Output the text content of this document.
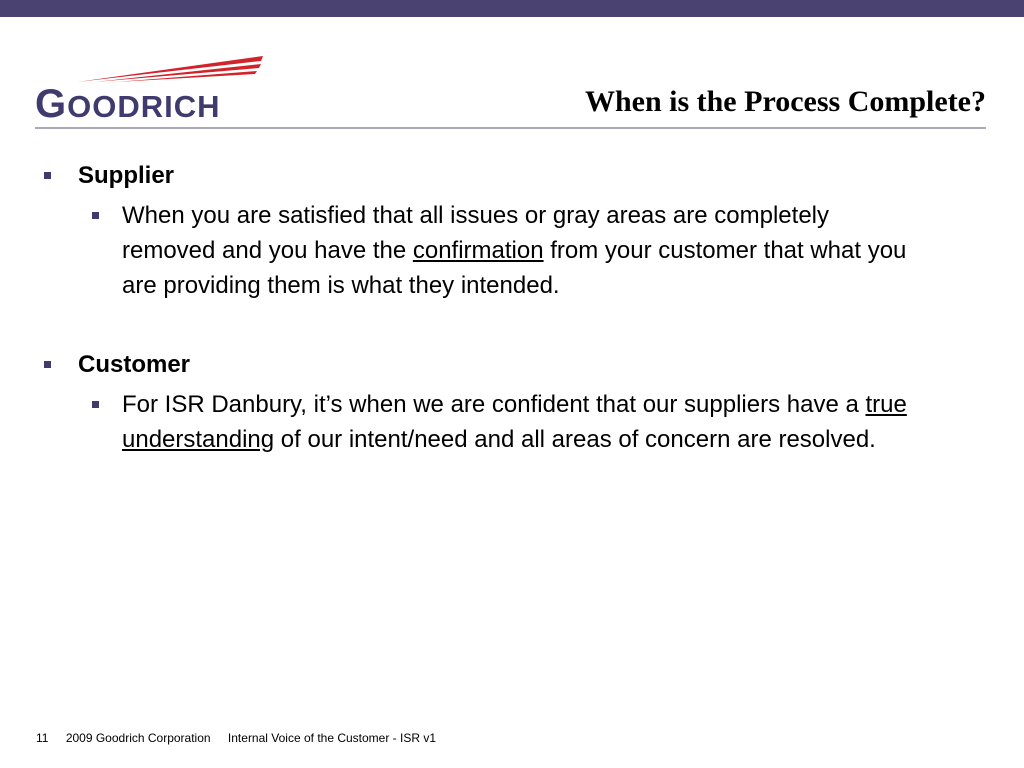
GOODRICH	When is the Process Complete?
Supplier
When you are satisfied that all issues or gray areas are completely removed and you have the confirmation from your customer that what you are providing them is what they intended.
Customer
For ISR Danbury, it’s when we are confident that our suppliers have a true understanding of our intent/need and all areas of concern are resolved.
11 2009 Goodrich Corporation Internal Voice of the Customer - ISR v1
